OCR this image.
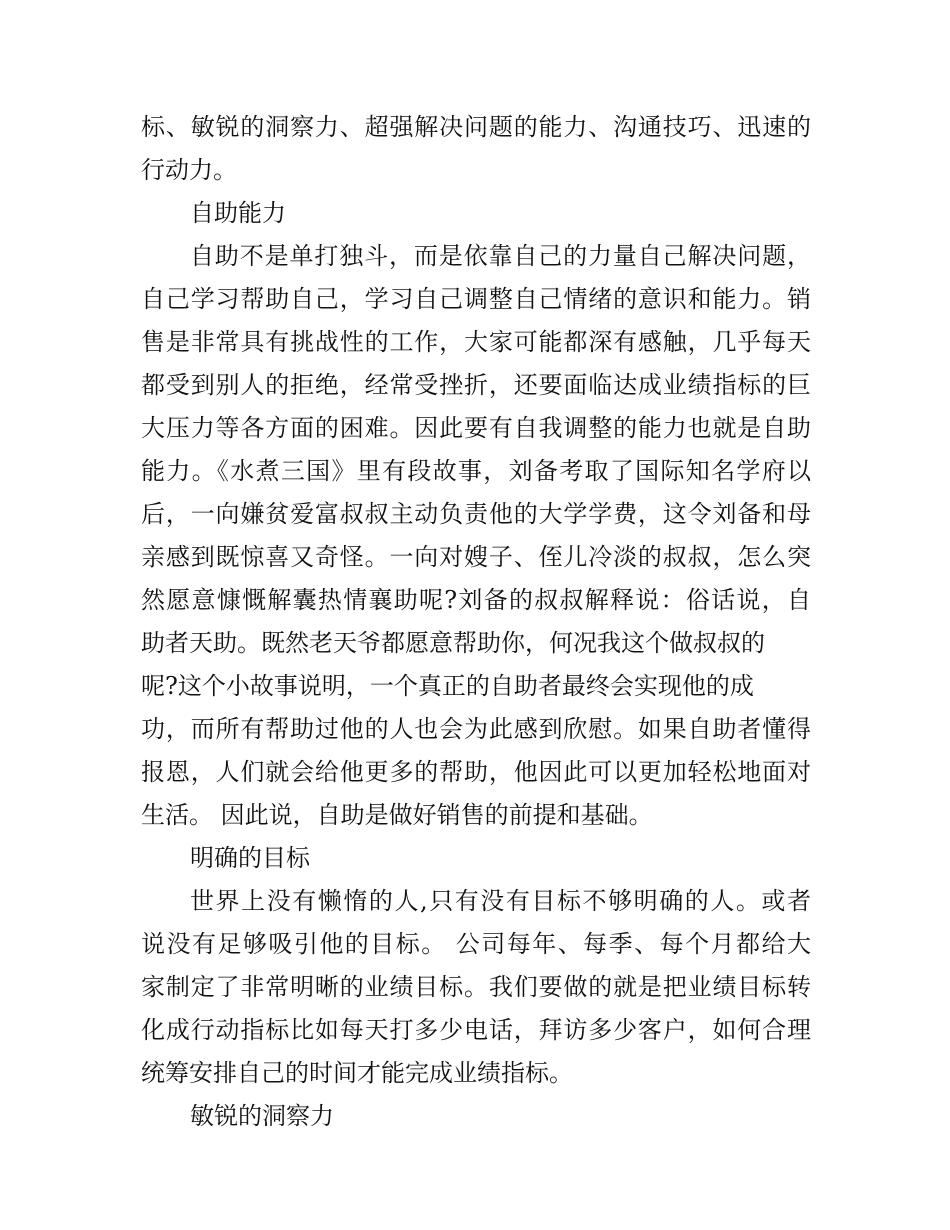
标、敏锐的洞察力、超强解决问题的能力、沟通技巧、迅速的
行动力。
自助能力
自助不是单打独斗，而是依靠自己的力量自己解决问题，
自己学习帮助自己，学习自己调整自己情绪的意识和能力。销
售是非常具有挑战性的工作，大家可能都深有感触，几乎每天
都受到别人的拒绝，经常受挫折，还要面临达成业绩指标的巨
大压力等各方面的困难。因此要有自我调整的能力也就是自助
能力。《水煮三国》里有段故事，刘备考取了国际知名学府以
后，一向嫌贫爱富叔叔主动负责他的大学学费，这令刘备和母
亲感到既惊喜又奇怪。一向对嫂子、侄儿冷淡的叔叔，怎么突
然愿意慷慨解囊热情襄助呢?刘备的叔叔解释说：俗话说，自
助者天助。既然老天爷都愿意帮助你，何况我这个做叔叔的
呢?这个小故事说明，一个真正的自助者最终会实现他的成
功，而所有帮助过他的人也会为此感到欣慰。如果自助者懂得
报恩，人们就会给他更多的帮助，他因此可以更加轻松地面对
生活。 因此说，自助是做好销售的前提和基础。
明确的目标
世界上没有懒惰的人,只有没有目标不够明确的人。或者
说没有足够吸引他的目标。 公司每年、每季、每个月都给大
家制定了非常明晰的业绩目标。我们要做的就是把业绩目标转
化成行动指标比如每天打多少电话，拜访多少客户，如何合理
统筹安排自己的时间才能完成业绩指标。
敏锐的洞察力
